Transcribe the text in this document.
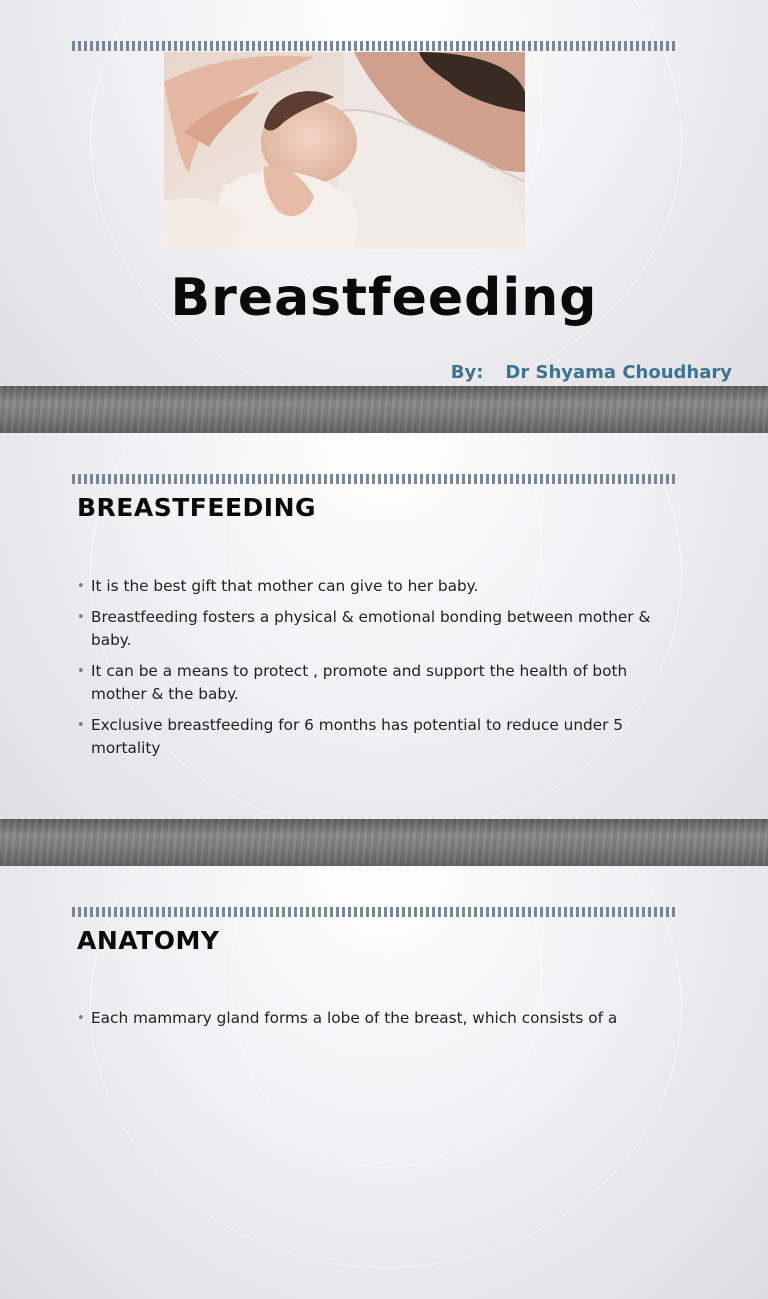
Breastfeeding
By: Dr Shyama Choudhary
BREASTFEEDING
• It is the best gift that mother can give to her baby.
• Breastfeeding fosters a physical & emotional bonding between mother & baby.
• It can be a means to protect , promote and support the health of both mother & the baby.
• Exclusive breastfeeding for 6 months has potential to reduce under 5 mortality
ANATOMY
• Each mammary gland forms a lobe of the breast, which consists of a
